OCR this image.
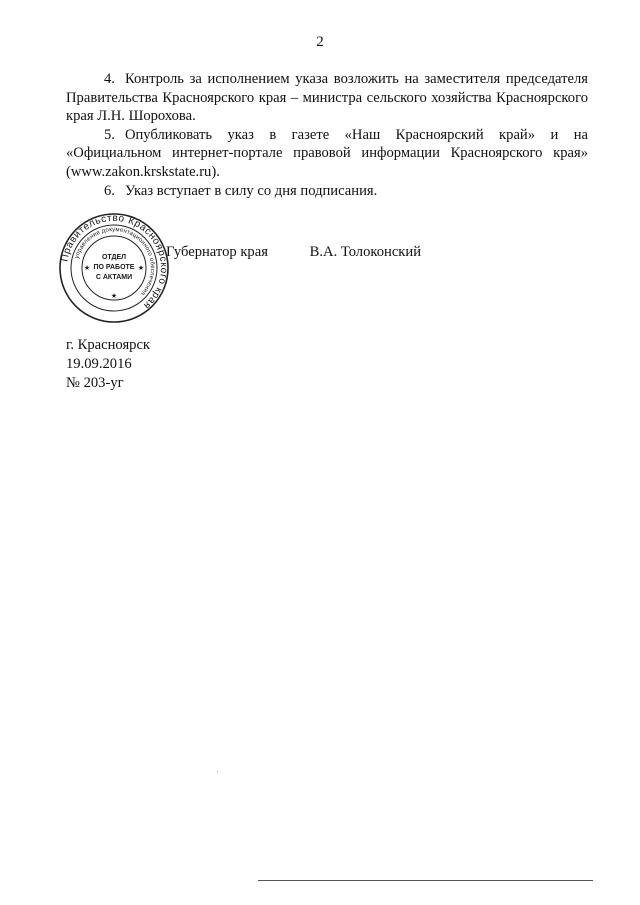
2

4. Контроль за исполнением указа возложить на заместителя председателя Правительства Красноярского края – министра сельского хозяйства Красноярского края Л.Н. Шорохова.

5. Опубликовать указ в газете «Наш Красноярский край» и на «Официальном интернет-портале правовой информации Красноярского края» (www.zakon.krskstate.ru).

6. Указ вступает в силу со дня подписания.

Губернатор края	В.А. Толоконский
Правительство Красноярского края
управление документационного обеспечения
ОТДЕЛ
ПО РАБОТЕ
С АКТАМИ
★	★
★
г. Красноярск
19.09.2016
№ 203-уг
